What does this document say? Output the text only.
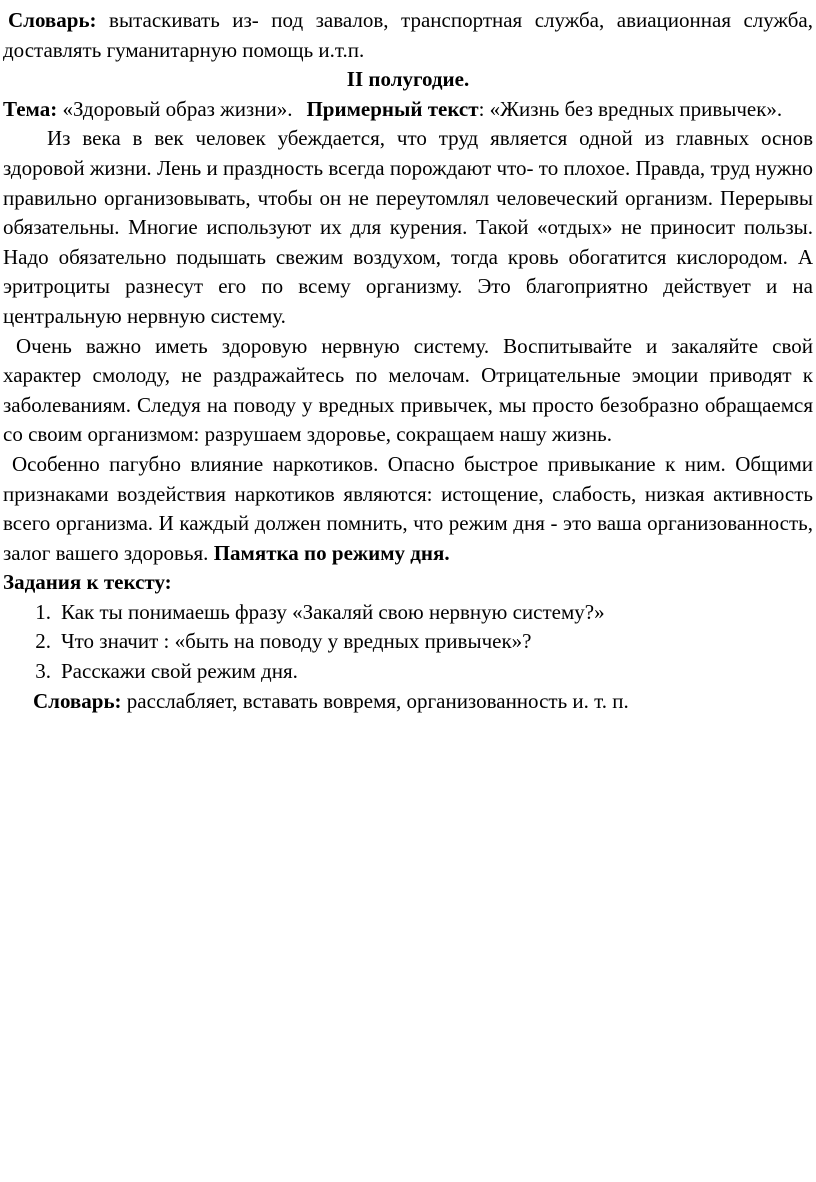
Словарь: вытаскивать из- под завалов, транспортная служба, авиационная служба, доставлять гуманитарную помощь и.т.п.

II полугодие.

Тема: «Здоровый образ жизни». Примерный текст: «Жизнь без вредных привычек».

Из века в век человек убеждается, что труд является одной из главных основ здоровой жизни. Лень и праздность всегда порождают что- то плохое. Правда, труд нужно правильно организовывать, чтобы он не переутомлял человеческий организм. Перерывы обязательны. Многие используют их для курения. Такой «отдых» не приносит пользы. Надо обязательно подышать свежим воздухом, тогда кровь обогатится кислородом. А эритроциты разнесут его по всему организму. Это благоприятно действует и на центральную нервную систему.

Очень важно иметь здоровую нервную систему. Воспитывайте и закаляйте свой характер смолоду, не раздражайтесь по мелочам. Отрицательные эмоции приводят к заболеваниям. Следуя на поводу у вредных привычек, мы просто безобразно обращаемся со своим организмом: разрушаем здоровье, сокращаем нашу жизнь.

Особенно пагубно влияние наркотиков. Опасно быстрое привыкание к ним. Общими признаками воздействия наркотиков являются: истощение, слабость, низкая активность всего организма. И каждый должен помнить, что режим дня - это ваша организованность, залог вашего здоровья. Памятка по режиму дня.

Задания к тексту:

1. Как ты понимаешь фразу «Закаляй свою нервную систему?»
2. Что значит : «быть на поводу у вредных привычек»?
3. Расскажи свой режим дня.

Словарь: расслабляет, вставать вовремя, организованность и. т. п.
